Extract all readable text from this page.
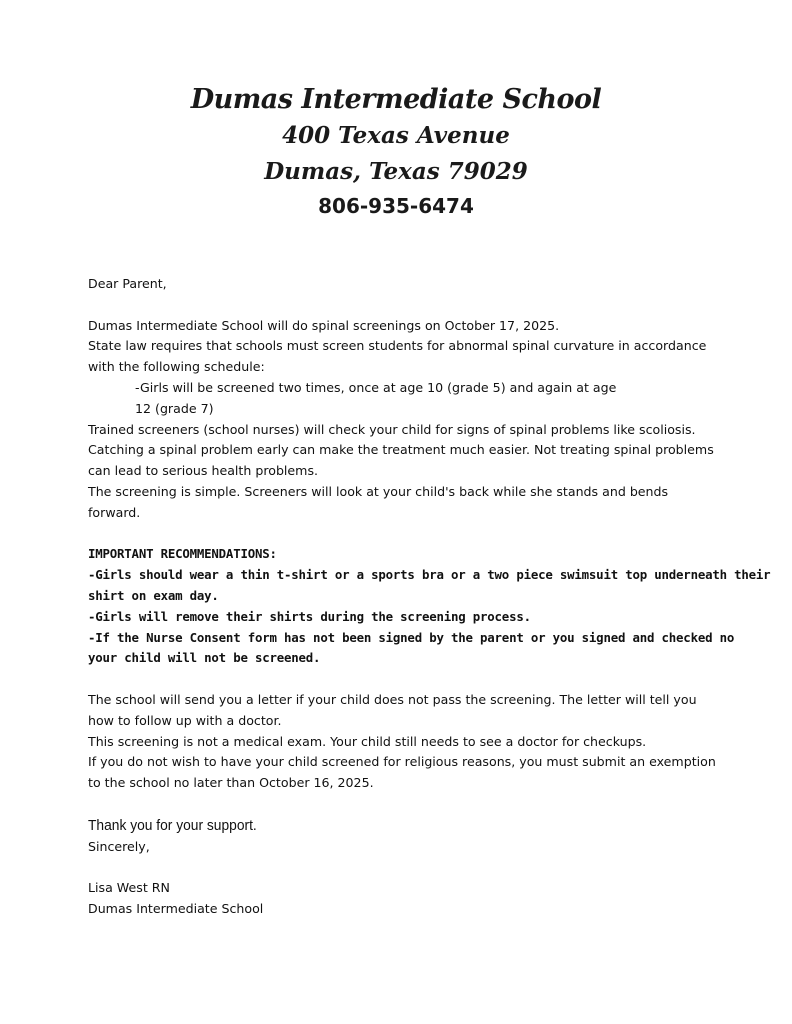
Dumas Intermediate School
400 Texas Avenue
Dumas, Texas 79029
806-935-6474
Dear Parent,
Dumas Intermediate School will do spinal screenings on October 17, 2025.
State law requires that schools must screen students for abnormal spinal curvature in accordance
with the following schedule:
-Girls will be screened two times, once at age 10 (grade 5) and again at age
12 (grade 7)
Trained screeners (school nurses) will check your child for signs of spinal problems like scoliosis.
Catching a spinal problem early can make the treatment much easier. Not treating spinal problems
can lead to serious health problems.
The screening is simple. Screeners will look at your child's back while she stands and bends
forward.
IMPORTANT RECOMMENDATIONS:
-Girls should wear a thin t-shirt or a sports bra or a two piece swimsuit top underneath their
shirt on exam day.
-Girls will remove their shirts during the screening process.
-If the Nurse Consent form has not been signed by the parent or you signed and checked no
your child will not be screened.
The school will send you a letter if your child does not pass the screening. The letter will tell you
how to follow up with a doctor.
This screening is not a medical exam. Your child still needs to see a doctor for checkups.
If you do not wish to have your child screened for religious reasons, you must submit an exemption
to the school no later than October 16, 2025.
Thank you for your support.
Sincerely,
Lisa West RN
Dumas Intermediate School
